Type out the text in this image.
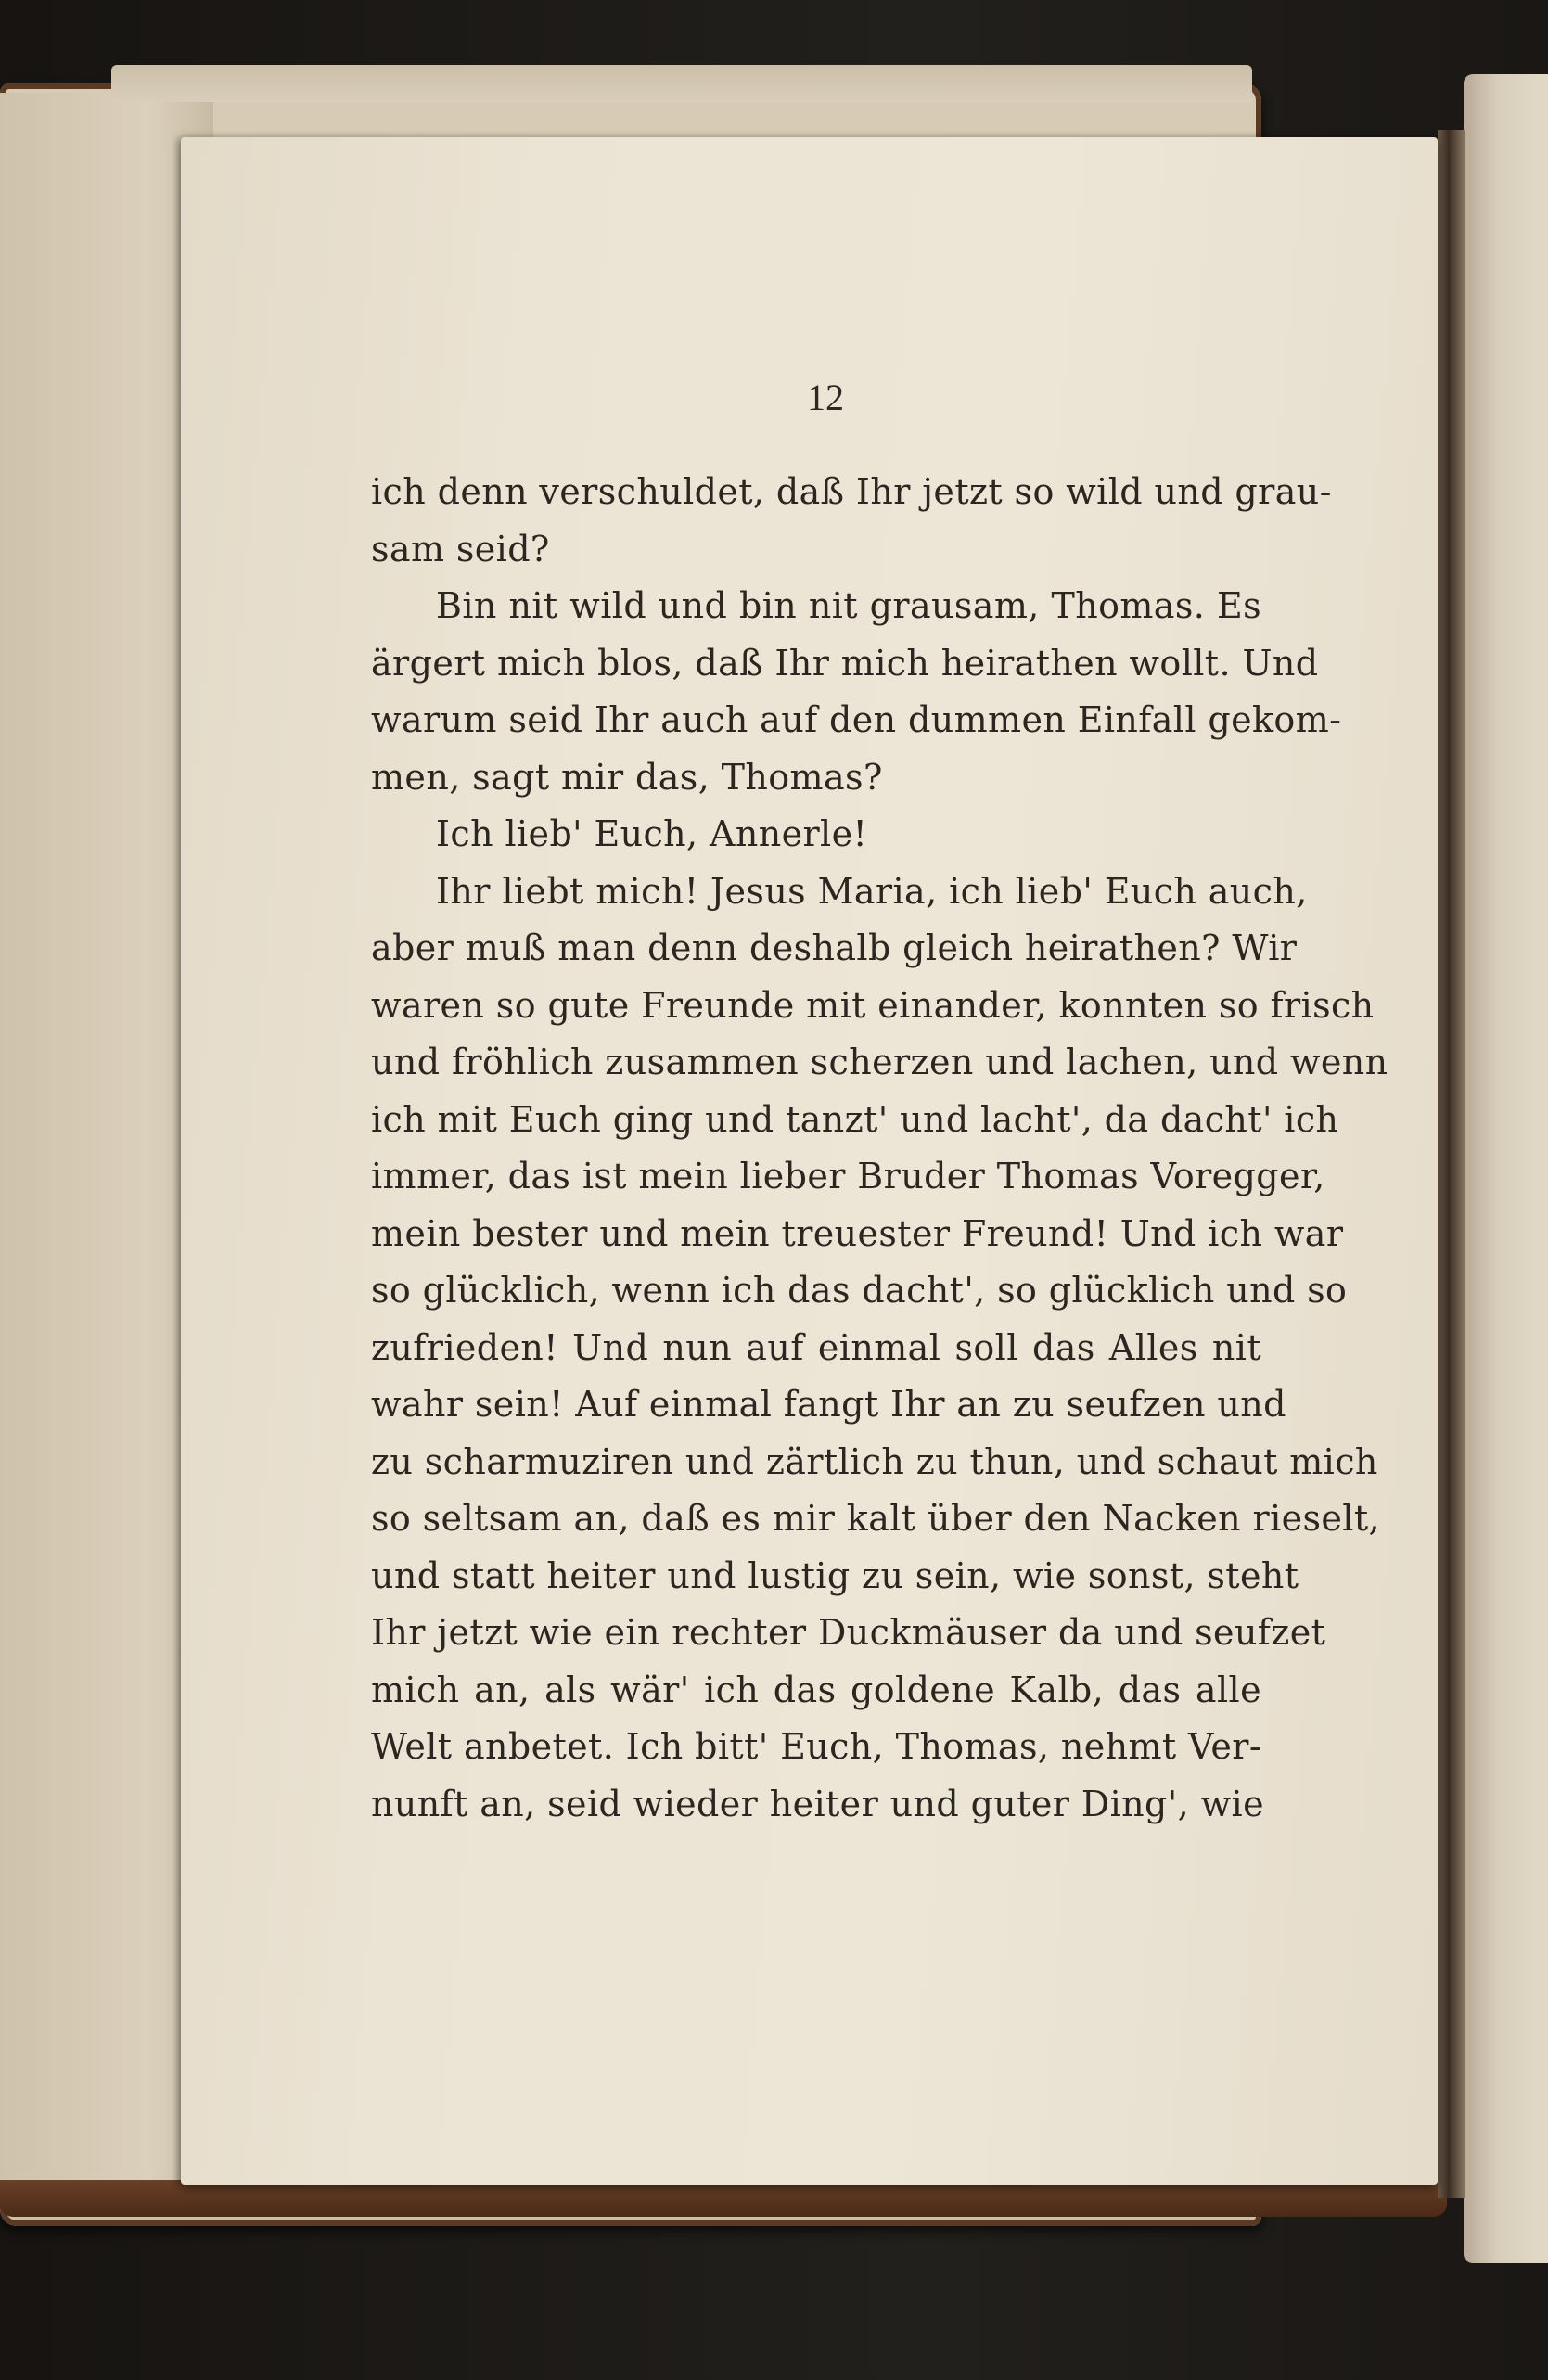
12
ich denn verschuldet, daß Ihr jetzt so wild und grau-
sam seid?
Bin nit wild und bin nit grausam, Thomas. Es
ärgert mich blos, daß Ihr mich heirathen wollt. Und
warum seid Ihr auch auf den dummen Einfall gekom-
men, sagt mir das, Thomas?
Ich lieb' Euch, Annerle!
Ihr liebt mich! Jesus Maria, ich lieb' Euch auch,
aber muß man denn deshalb gleich heirathen? Wir
waren so gute Freunde mit einander, konnten so frisch
und fröhlich zusammen scherzen und lachen, und wenn
ich mit Euch ging und tanzt' und lacht', da dacht' ich
immer, das ist mein lieber Bruder Thomas Voregger,
mein bester und mein treuester Freund! Und ich war
so glücklich, wenn ich das dacht', so glücklich und so
zufrieden! Und nun auf einmal soll das Alles nit
wahr sein! Auf einmal fangt Ihr an zu seufzen und
zu scharmuziren und zärtlich zu thun, und schaut mich
so seltsam an, daß es mir kalt über den Nacken rieselt,
und statt heiter und lustig zu sein, wie sonst, steht
Ihr jetzt wie ein rechter Duckmäuser da und seufzet
mich an, als wär' ich das goldene Kalb, das alle
Welt anbetet. Ich bitt' Euch, Thomas, nehmt Ver-
nunft an, seid wieder heiter und guter Ding', wie
